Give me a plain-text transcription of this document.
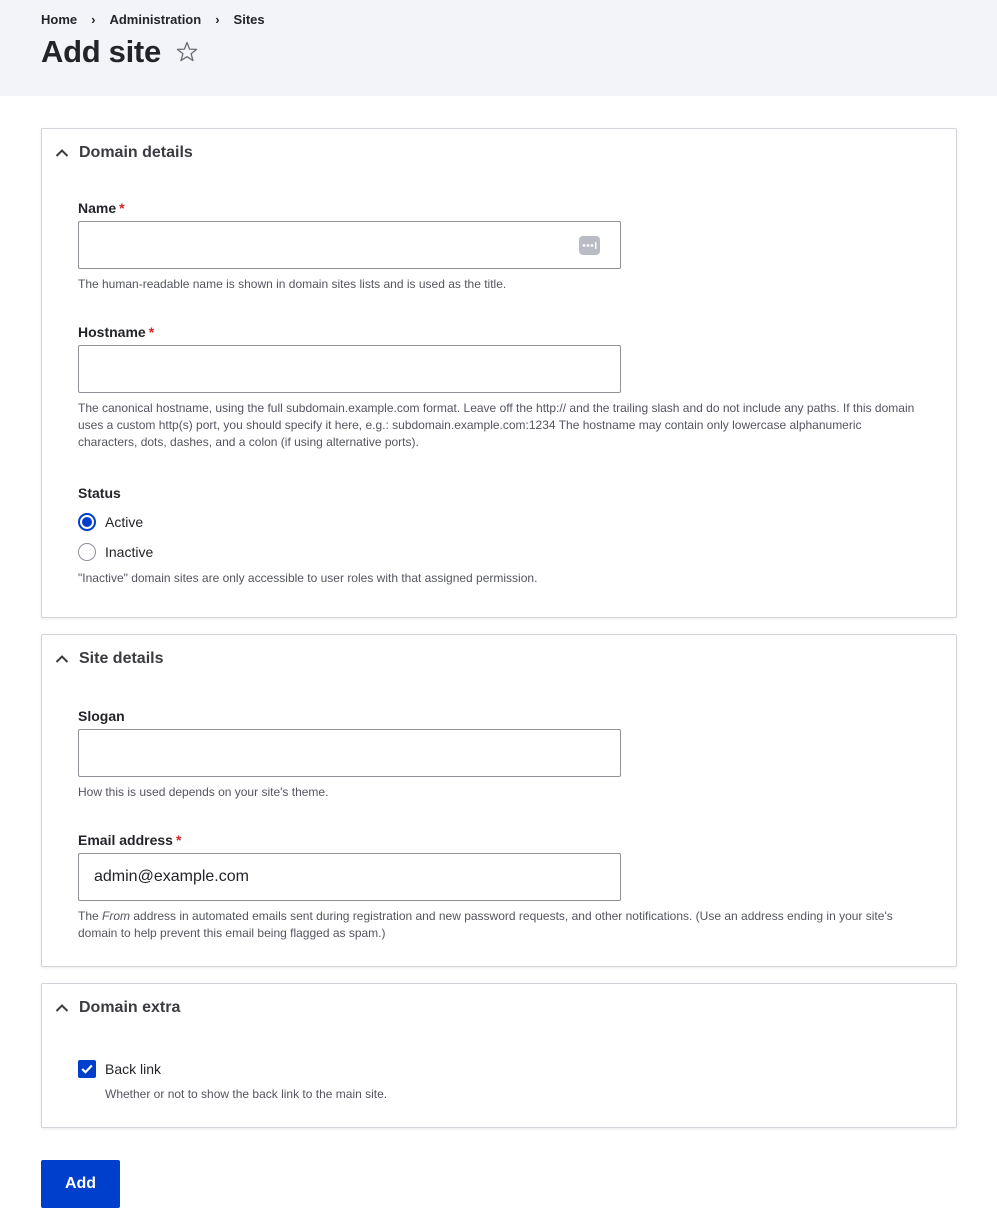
Home › Administration › Sites
Add site
Domain details
Name *
The human-readable name is shown in domain sites lists and is used as the title.
Hostname *
The canonical hostname, using the full subdomain.example.com format. Leave off the http:// and the trailing slash and do not include any paths. If this domain uses a custom http(s) port, you should specify it here, e.g.: subdomain.example.com:1234 The hostname may contain only lowercase alphanumeric characters, dots, dashes, and a colon (if using alternative ports).
Status
Active
Inactive
"Inactive" domain sites are only accessible to user roles with that assigned permission.
Site details
Slogan
How this is used depends on your site's theme.
Email address *
admin@example.com
The From address in automated emails sent during registration and new password requests, and other notifications. (Use an address ending in your site's domain to help prevent this email being flagged as spam.)
Domain extra
Back link
Whether or not to show the back link to the main site.
Add
